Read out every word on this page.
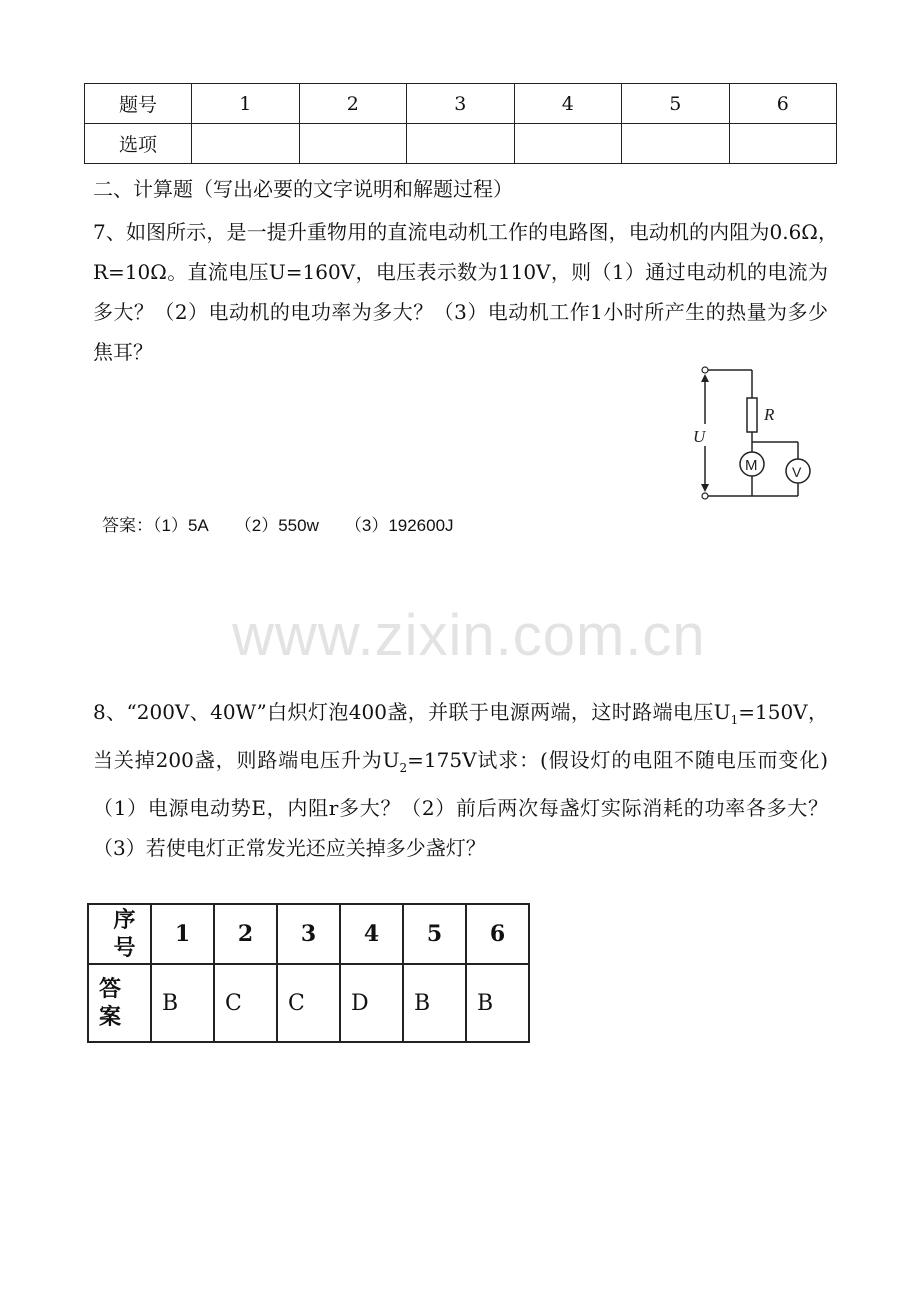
题号	1	2	3	4	5	6
选项						
二、计算题（写出必要的文字说明和解题过程）
7、如图所示，是一提升重物用的直流电动机工作的电路图，电动机的内阻为0.6Ω，　R=10Ω。直流电压U=160V，电压表示数为110V，则（1）通过电动机的电流为多大？（2）电动机的电功率为多大？（3）电动机工作1小时所产生的热量为多少焦耳？
R
U
M V
答案：（1）5A （2）550w （3）192600J
www.zixin.com.cn
8、“200V、40W”白炽灯泡400盏，并联于电源两端，这时路端电压$U_1=150V$，当关掉200盏，则路端电压升为$U_2=175V$试求：(假设灯的电阻不随电压而变化)（1）电源电动势E，内阻r多大？（2）前后两次每盏灯实际消耗的功率各多大？（3）若使电灯正常发光还应关掉多少盏灯？
序
号	1	2	3	4	5	6
答
案	B	C	C	D	B	B
